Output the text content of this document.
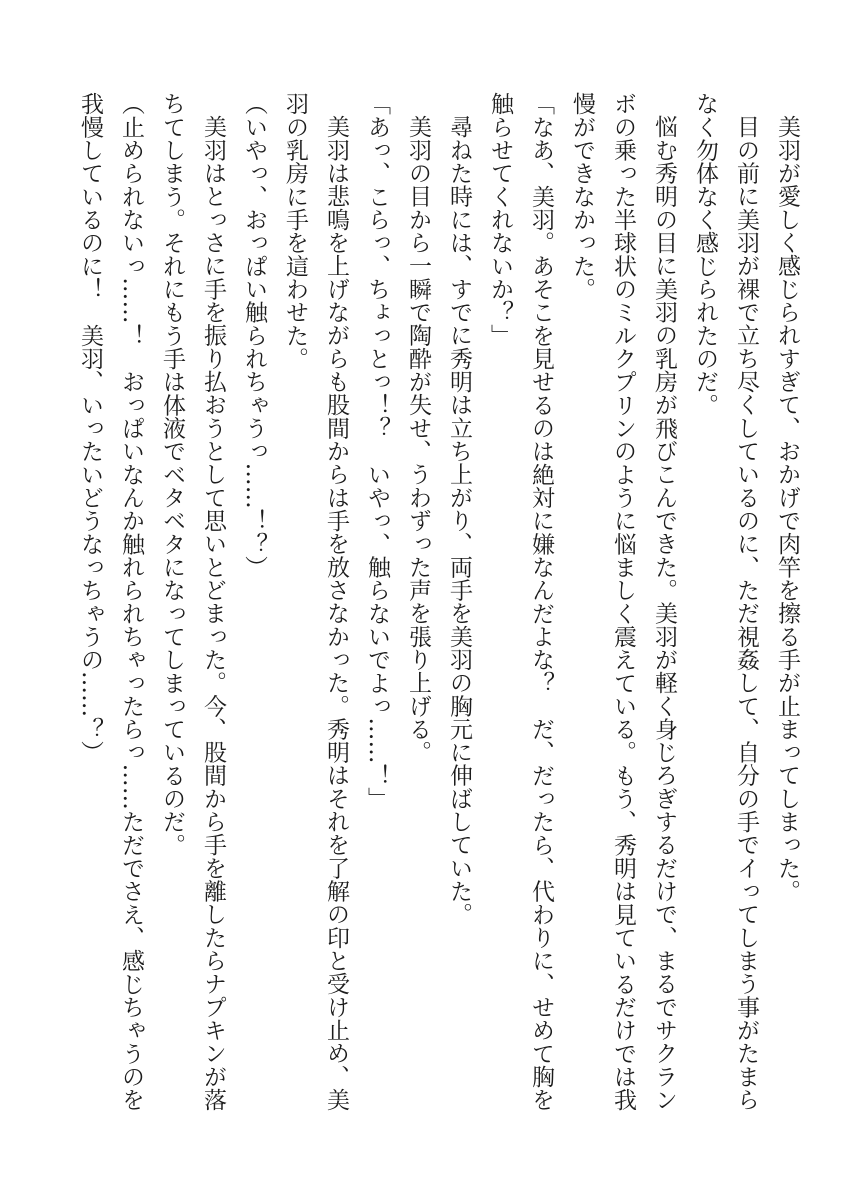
美羽が愛しく感じられすぎて、おかげで肉竿を擦る手が止まってしまった。
目の前に美羽が裸で立ち尽くしているのに、ただ視姦して、自分の手でイってしまう事がたまら
なく勿体なく感じられたのだ。
悩む秀明の目に美羽の乳房が飛びこんできた。美羽が軽く身じろぎするだけで、まるでサクラン
ボの乗った半球状のミルクプリンのように悩ましく震えている。もう、秀明は見ているだけでは我
慢ができなかった。
「なあ、美羽。あそこを見せるのは絶対に嫌なんだよな？　だ、だったら、代わりに、せめて胸を
触らせてくれないか？」
尋ねた時には、すでに秀明は立ち上がり、両手を美羽の胸元に伸ばしていた。
美羽の目から一瞬で陶酔が失せ、うわずった声を張り上げる。
「あっ、こらっ、ちょっとっ！？　いやっ、触らないでよっ……！」
美羽は悲鳴を上げながらも股間からは手を放さなかった。秀明はそれを了解の印と受け止め、美
羽の乳房に手を這わせた。
（いやっ、おっぱい触られちゃうっ……！？）
美羽はとっさに手を振り払おうとして思いとどまった。今、股間から手を離したらナプキンが落
ちてしまう。それにもう手は体液でベタベタになってしまっているのだ。
（止められないっ……！　おっぱいなんか触れられちゃったらっ……ただでさえ、感じちゃうのを
我慢しているのに！　美羽、いったいどうなっちゃうの……？）
